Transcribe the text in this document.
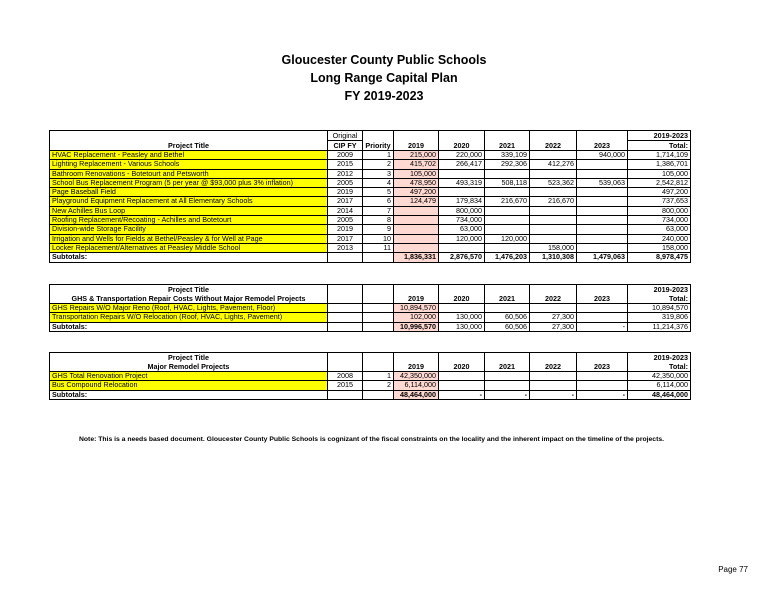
Gloucester County Public Schools
Long Range Capital Plan
FY 2019-2023
	Original							2019-2023
Project Title	CIP FY	Priority	2019	2020	2021	2022	2023	Total:
HVAC Replacement - Peasley and Bethel	2009	1	215,000	220,000	339,109		940,000	1,714,109
Lighting Replacement - Various Schools	2015	2	415,702	266,417	292,306	412,276		1,386,701
Bathroom Renovations - Botetourt and Petsworth	2012	3	105,000					105,000
School Bus Replacement Program (5 per year @ $93,000 plus 3% inflation)	2005	4	478,950	493,319	508,118	523,362	539,063	2,542,812
Page Baseball Field	2019	5	497,200					497,200
Playground Equipment Replacement at All Elementary Schools	2017	6	124,479	179,834	216,670	216,670		737,653
New Achilles Bus Loop	2014	7		800,000				800,000
Roofing Replacement/Recoating - Achilles and Botetourt	2005	8		734,000				734,000
Division-wide Storage Facility	2019	9		63,000				63,000
Irrigation and Wells for Fields at Bethel/Peasley & for Well at Page	2017	10		120,000	120,000			240,000
Locker Replacement/Alternatives at Peasley Middle School	2013	11				158,000		158,000
Subtotals:			1,836,331	2,876,570	1,476,203	1,310,308	1,479,063	8,978,475
Project Title								2019-2023
GHS & Transportation Repair Costs Without Major Remodel Projects			2019	2020	2021	2022	2023	Total:
GHS Repairs W/O Major Reno (Roof, HVAC, Lights, Pavement, Floor)			10,894,570					10,894,570
Transportation Repairs W/O Relocation (Roof, HVAC, Lights, Pavement)			102,000	130,000	60,506	27,300		319,806
Subtotals:			10,996,570	130,000	60,506	27,300	-	11,214,376
Project Title								2019-2023
Major Remodel Projects			2019	2020	2021	2022	2023	Total:
GHS Total Renovation Project	2008	1	42,350,000					42,350,000
Bus Compound Relocation	2015	2	6,114,000					6,114,000
Subtotals:			48,464,000	-	-	-	-	48,464,000
Note: This is a needs based document. Gloucester County Public Schools is cognizant of the fiscal constraints on the locality and the inherent impact on the timeline of the projects.
Page 77
